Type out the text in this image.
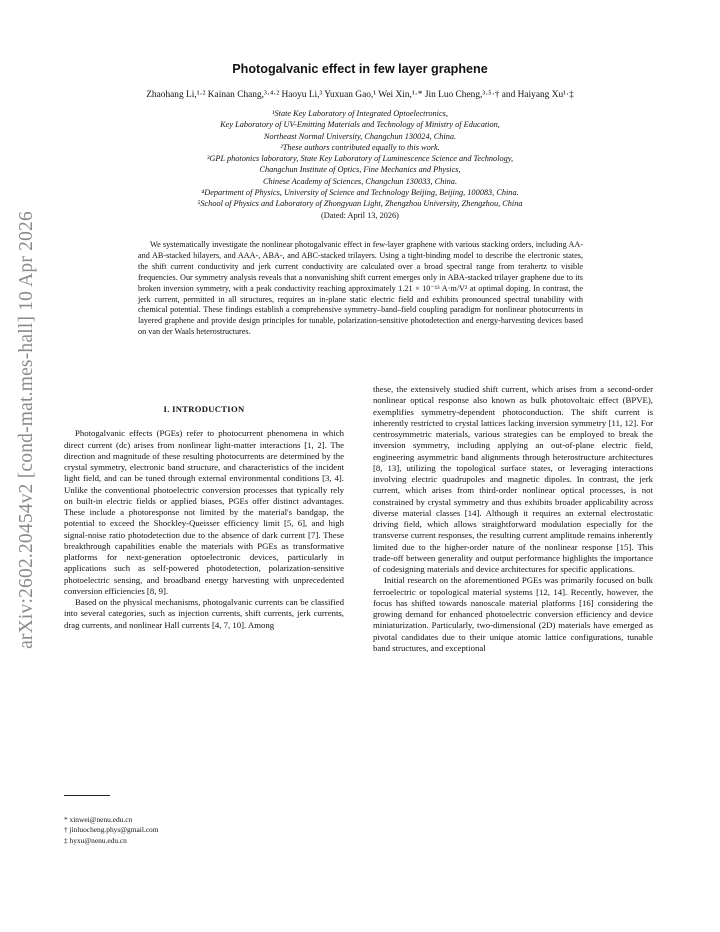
arXiv:2602.20454v2 [cond-mat.mes-hall] 10 Apr 2026
Photogalvanic effect in few layer graphene
Zhaohang Li,¹·² Kainan Chang,³·⁴·² Haoyu Li,³ Yuxuan Gao,¹ Wei Xin,¹·* Jin Luo Cheng,³·⁵·† and Haiyang Xu¹·‡
¹State Key Laboratory of Integrated Optoelectronics,
Key Laboratory of UV-Emitting Materials and Technology of Ministry of Education,
Northeast Normal University, Changchun 130024, China.
²These authors contributed equally to this work.
³GPL photonics laboratory, State Key Laboratory of Luminescence Science and Technology,
Changchun Institute of Optics, Fine Mechanics and Physics,
Chinese Academy of Sciences, Changchun 130033, China.
⁴Department of Physics, University of Science and Technology Beijing, Beijing, 100083, China.
⁵School of Physics and Laboratory of Zhongyuan Light, Zhengzhou University, Zhengzhou, China
(Dated: April 13, 2026)

We systematically investigate the nonlinear photogalvanic effect in few-layer graphene with various stacking orders, including AA- and AB-stacked bilayers, and AAA-, ABA-, and ABC-stacked trilayers. Using a tight-binding model to describe the electronic states, the shift current conductivity and jerk current conductivity are calculated over a broad spectral range from terahertz to visible frequencies. Our symmetry analysis reveals that a nonvanishing shift current emerges only in ABA-stacked trilayer graphene due to its broken inversion symmetry, with a peak conductivity reaching approximately 1.21 × 10⁻¹³ A·m/V² at optimal doping. In contrast, the jerk current, permitted in all structures, requires an in-plane static electric field and exhibits pronounced spectral tunability with chemical potential. These findings establish a comprehensive symmetry–band–field coupling paradigm for nonlinear photocurrents in layered graphene and provide design principles for tunable, polarization-sensitive photodetection and energy-harvesting devices based on van der Waals heterostructures.

I. INTRODUCTION

Photogalvanic effects (PGEs) refer to photocurrent phenomena in which direct current (dc) arises from nonlinear light-matter interactions [1, 2]. The direction and magnitude of these resulting photocurrents are determined by the crystal symmetry, electronic band structure, and characteristics of the incident light field, and can be tuned through external environmental conditions [3, 4]. Unlike the conventional photoelectric conversion processes that typically rely on built-in electric fields or applied biases, PGEs offer distinct advantages. These include a photoresponse not limited by the material's bandgap, the potential to exceed the Shockley-Queisser efficiency limit [5, 6], and high signal-noise ratio photodetection due to the absence of dark current [7]. These breakthrough capabilities enable the materials with PGEs as transformative platforms for next-generation optoelectronic devices, particularly in applications such as self-powered photodetection, polarization-sensitive photoelectric sensing, and broadband energy harvesting with unprecedented conversion efficiencies [8, 9].

Based on the physical mechanisms, photogalvanic currents can be classified into several categories, such as injection currents, shift currents, jerk currents, drag currents, and nonlinear Hall currents [4, 7, 10]. Among

these, the extensively studied shift current, which arises from a second-order nonlinear optical response also known as bulk photovoltaic effect (BPVE), exemplifies symmetry-dependent photoconduction. The shift current is inherently restricted to crystal lattices lacking inversion symmetry [11, 12]. For centrosymmetric materials, various strategies can be employed to break the inversion symmetry, including applying an out-of-plane electric field, engineering asymmetric band alignments through heterostructure architectures [8, 13], utilizing the topological surface states, or leveraging interactions involving electric quadrupoles and magnetic dipoles. In contrast, the jerk current, which arises from third-order nonlinear optical processes, is not constrained by crystal symmetry and thus exhibits broader applicability across diverse material classes [14]. Although it requires an external electrostatic driving field, which allows straightforward modulation especially for the transverse current responses, the resulting current amplitude remains inherently limited due to the higher-order nature of the nonlinear response [15]. This trade-off between generality and output performance highlights the importance of codesigning materials and device architectures for specific applications.

Initial research on the aforementioned PGEs was primarily focused on bulk ferroelectric or topological material systems [12, 14]. Recently, however, the focus has shifted towards nanoscale material platforms [16] considering the growing demand for enhanced photoelectric conversion efficiency and device miniaturization. Particularly, two-dimensional (2D) materials have emerged as pivotal candidates due to their unique atomic lattice configurations, tunable band structures, and exceptional

* xinwei@nenu.edu.cn
† jinluocheng.phys@gmail.com
‡ hyxu@nenu.edu.cn
